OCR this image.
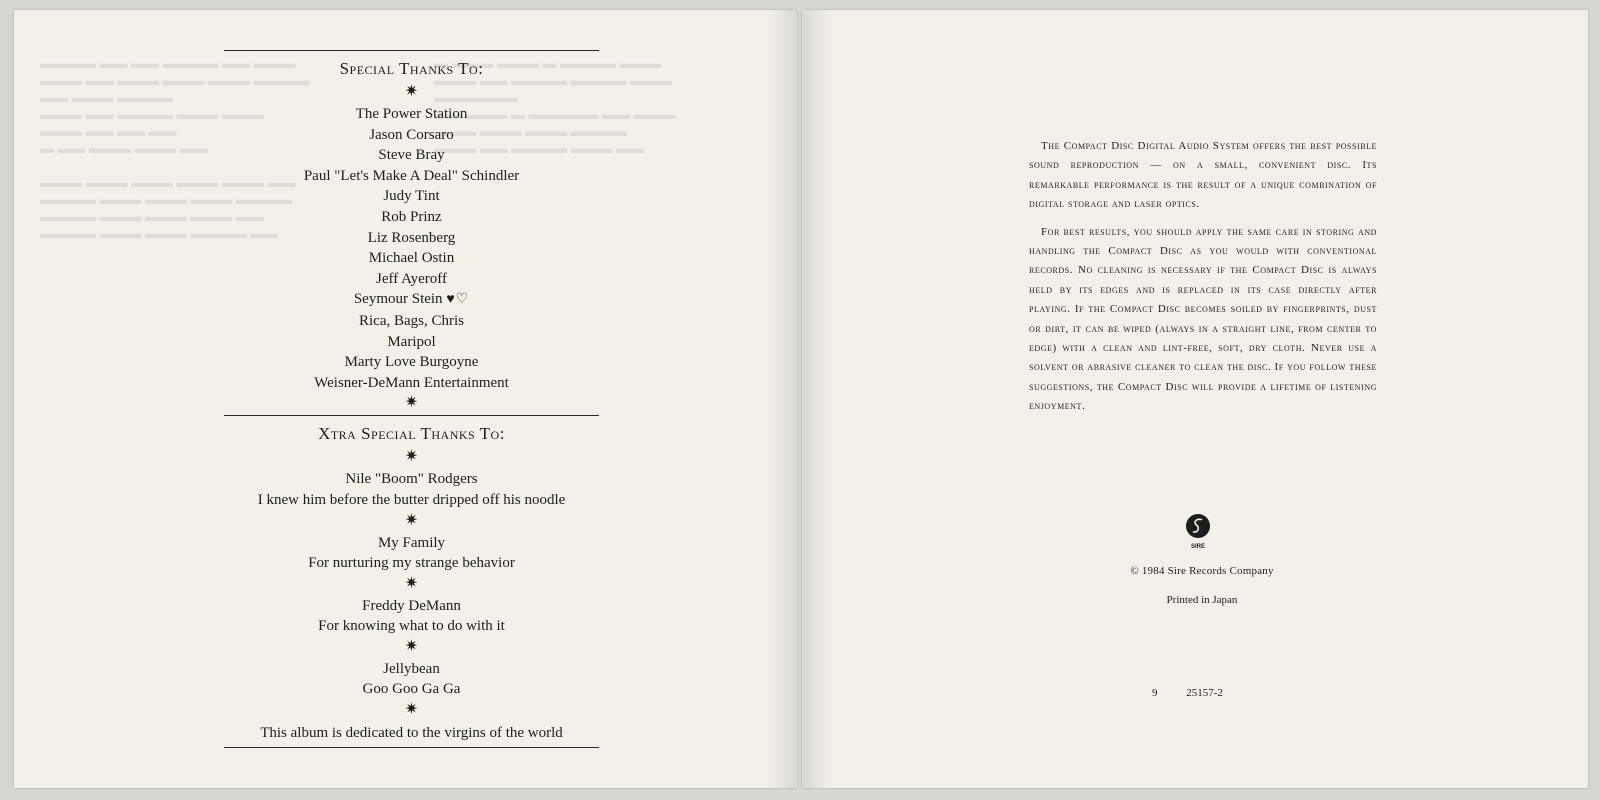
▬▬▬▬ ▬▬ ▬▬ ▬▬▬▬ ▬▬ ▬▬▬
▬▬▬ ▬▬ ▬▬▬ ▬▬▬ ▬▬▬ ▬▬▬▬
▬▬ ▬▬▬ ▬▬▬▬
▬▬▬ ▬▬ ▬▬▬▬ ▬▬▬ ▬▬▬
▬▬▬ ▬▬ ▬▬ ▬▬
▬ ▬▬ ▬▬▬ ▬▬▬ ▬▬

▬▬▬ ▬▬▬ ▬▬▬ ▬▬▬ ▬▬▬ ▬▬
▬▬▬▬ ▬▬▬ ▬▬▬ ▬▬▬ ▬▬▬▬
▬▬▬▬ ▬▬▬ ▬▬▬ ▬▬▬ ▬▬
▬▬▬▬ ▬▬▬ ▬▬▬ ▬▬▬▬ ▬▬
▬ ▬▬▬ ▬▬▬ ▬ ▬▬▬▬ ▬▬▬
▬▬▬ ▬▬ ▬▬▬▬ ▬▬▬▬ ▬▬▬
▬▬▬▬▬▬
▬▬ ▬▬▬ ▬ ▬▬▬▬▬ ▬▬ ▬▬▬
▬▬▬ ▬▬▬ ▬▬▬ ▬▬▬▬
▬▬▬ ▬▬ ▬▬▬▬ ▬▬▬ ▬▬
Special Thanks To:
✷
The Power Station
Jason Corsaro
Steve Bray
Paul "Let's Make A Deal" Schindler
Judy Tint
Rob Prinz
Liz Rosenberg
Michael Ostin
Jeff Ayeroff
Seymour Stein ♥♡
Rica, Bags, Chris
Maripol
Marty Love Burgoyne
Weisner-DeMann Entertainment
✷
Xtra Special Thanks To:
✷
Nile "Boom" Rodgers
I knew him before the butter dripped off his noodle
✷
My Family
For nurturing my strange behavior
✷
Freddy DeMann
For knowing what to do with it
✷
Jellybean
Goo Goo Ga Ga
✷
This album is dedicated to the virgins of the world

The Compact Disc Digital Audio System offers the best possible sound reproduction — on a small, convenient disc. Its remarkable performance is the result of a unique combination of digital storage and laser optics.

For best results, you should apply the same care in storing and handling the Compact Disc as you would with conventional records. No cleaning is necessary if the Compact Disc is always held by its edges and is replaced in its case directly after playing. If the Compact Disc becomes soiled by fingerprints, dust or dirt, it can be wiped (always in a straight line, from center to edge) with a clean and lint-free, soft, dry cloth. Never use a solvent or abrasive cleaner to clean the disc. If you follow these suggestions, the Compact Disc will provide a lifetime of listening enjoyment.

SIRE
© 1984 Sire Records Company
Printed in Japan
9	25157-2
